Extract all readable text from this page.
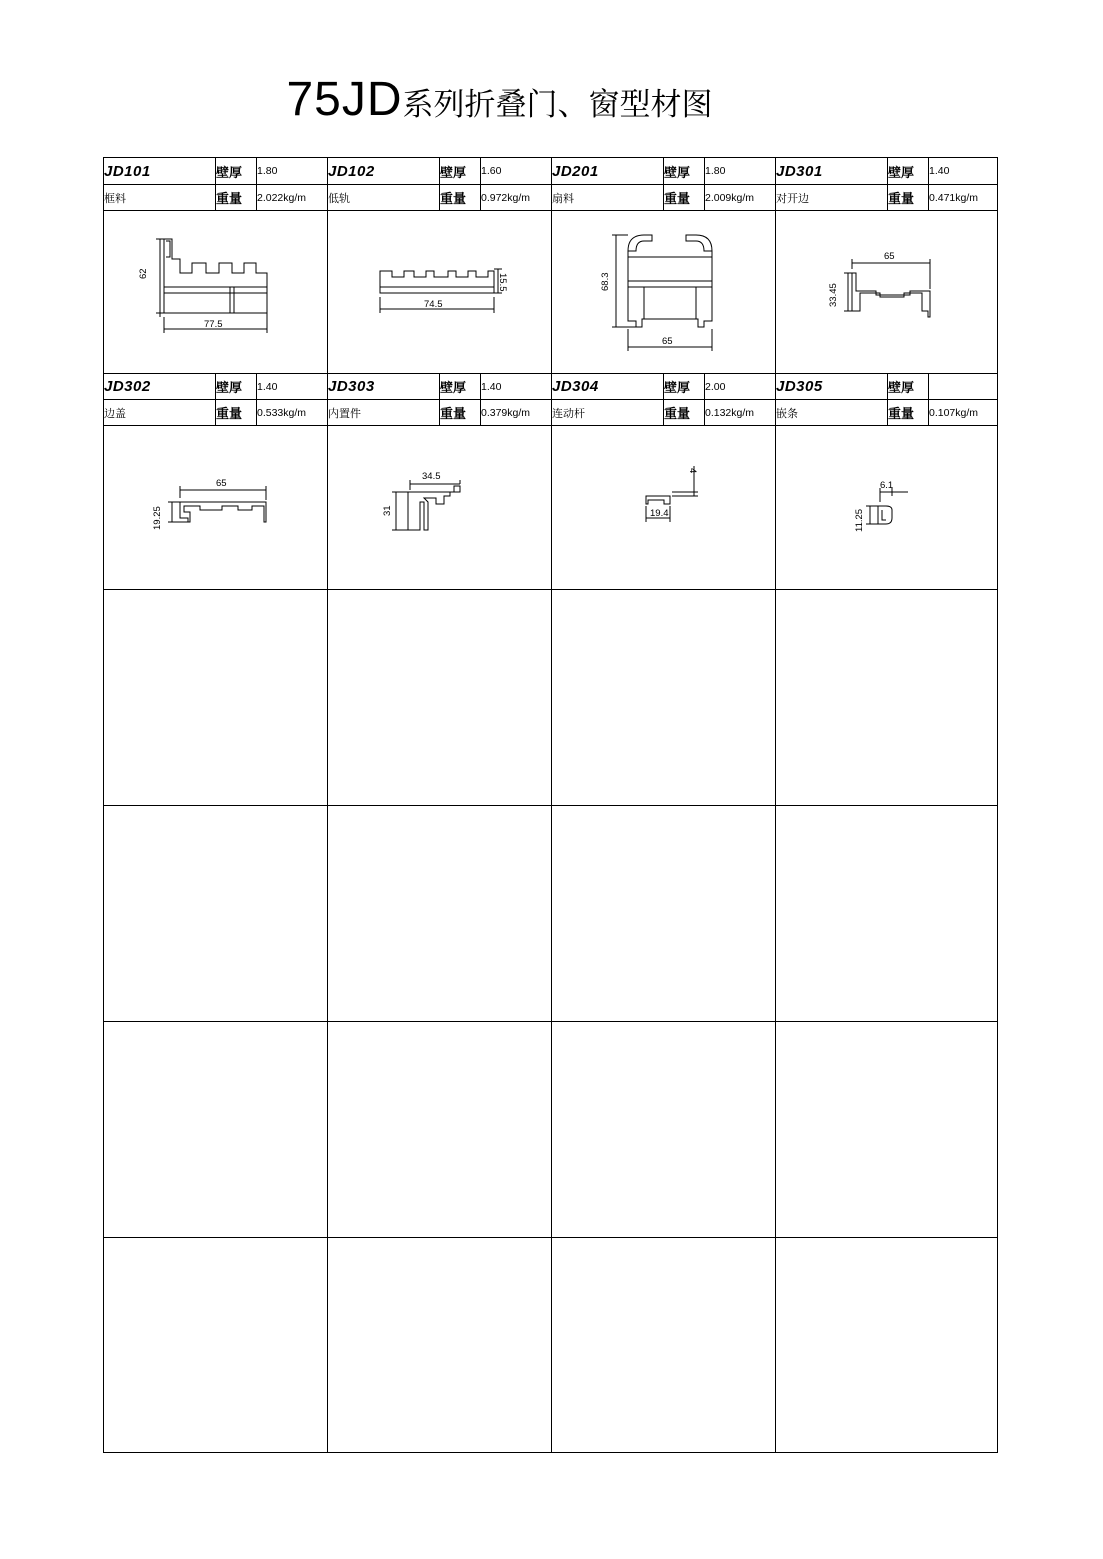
75JD系列折叠门、窗型材图
JD101	壁厚	1.80	JD102	壁厚	1.60	JD201	壁厚	1.80	JD301	壁厚	1.40
框料	重量	2.022kg/m	低轨	重量	0.972kg/m	扇料	重量	2.009kg/m	对开边	重量	0.471kg/m

62
77.5			74.5
15.5			68.3
65			65
33.45		

JD302	壁厚	1.40	JD303	壁厚	1.40	JD304	壁厚	2.00	JD305	壁厚	
边盖	重量	0.533kg/m	内置件	重量	0.379kg/m	连动杆	重量	0.132kg/m	嵌条	重量	0.107kg/m

65
19.25			34.5
31			4
19.4			6.1
11.25		
